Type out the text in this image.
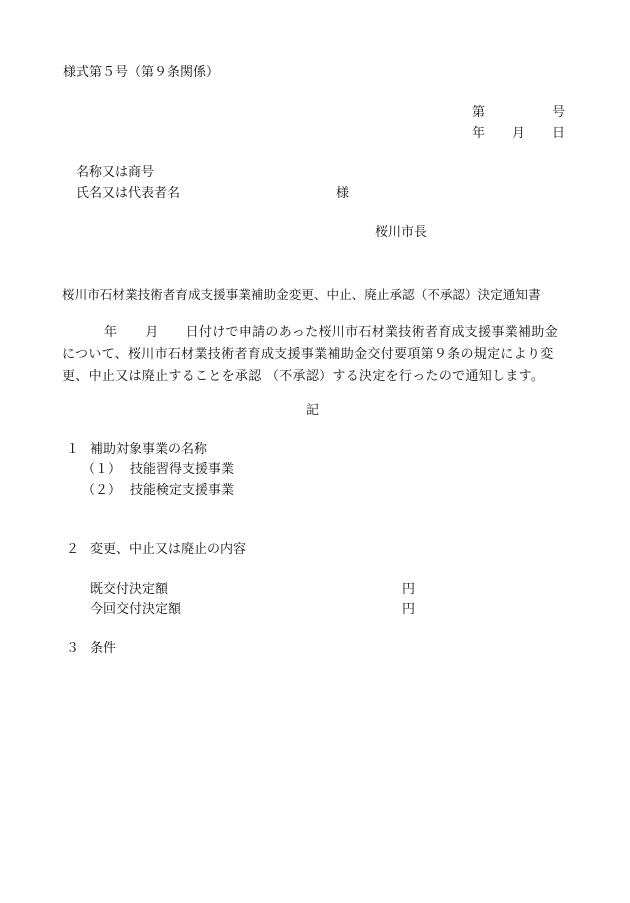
様式第５号（第９条関係）
第	号
年 月 日
名称又は商号
氏名又は代表者名	様
桜川市長
桜川市石材業技術者育成支援事業補助金変更、中止、廃止承認（不承認）決定通知書
年 月 日付けで申請のあった桜川市石材業技術者育成支援事業補助金
について、桜川市石材業技術者育成支援事業補助金交付要項第９条の規定により変
更、中止又は廃止することを承認 （不承認）する決定を行ったので通知します。
記
１ 補助対象事業の名称
（１） 技能習得支援事業
（２） 技能検定支援事業
２ 変更、中止又は廃止の内容
既交付決定額	円
今回交付決定額	円
３ 条件
